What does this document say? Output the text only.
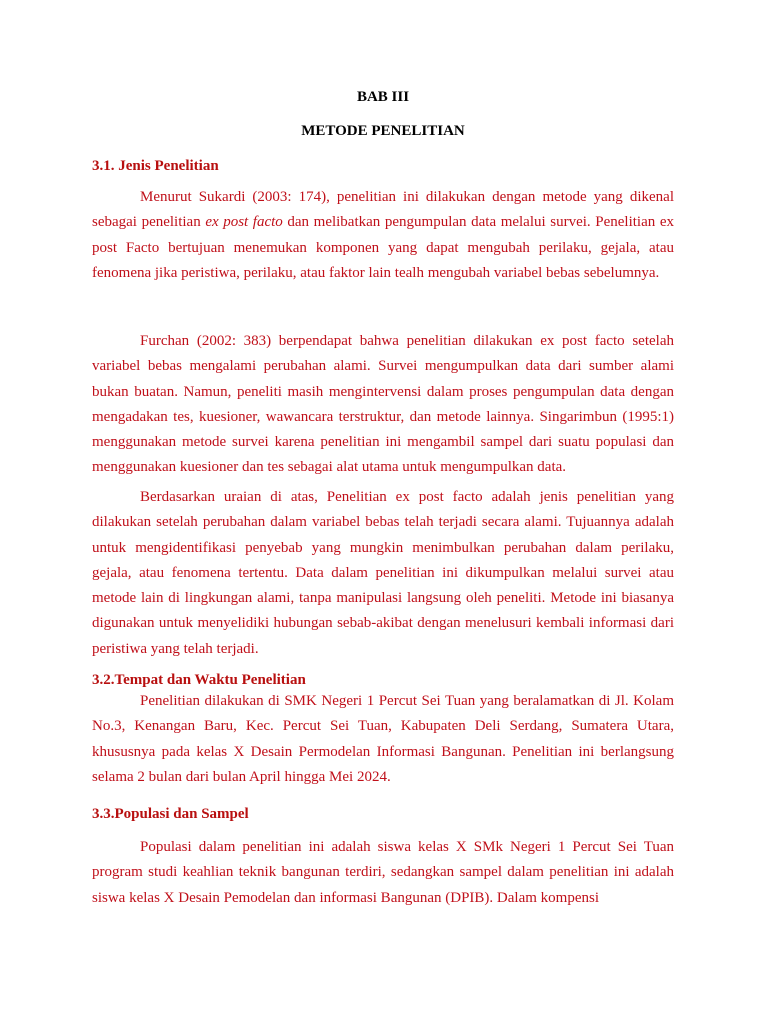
BAB III
METODE PENELITIAN
3.1. Jenis Penelitian

Menurut Sukardi (2003: 174), penelitian ini dilakukan dengan metode yang dikenal sebagai penelitian ex post facto dan melibatkan pengumpulan data melalui survei. Penelitian ex post Facto bertujuan menemukan komponen yang dapat mengubah perilaku, gejala, atau fenomena jika peristiwa, perilaku, atau faktor lain tealh mengubah variabel bebas sebelumnya.

Furchan (2002: 383) berpendapat bahwa penelitian dilakukan ex post facto setelah variabel bebas mengalami perubahan alami. Survei mengumpulkan data dari sumber alami bukan buatan. Namun, peneliti masih mengintervensi dalam proses pengumpulan data dengan mengadakan tes, kuesioner, wawancara terstruktur, dan metode lainnya. Singarimbun (1995:1) menggunakan metode survei karena penelitian ini mengambil sampel dari suatu populasi dan menggunakan kuesioner dan tes sebagai alat utama untuk mengumpulkan data.

Berdasarkan uraian di atas, Penelitian ex post facto adalah jenis penelitian yang dilakukan setelah perubahan dalam variabel bebas telah terjadi secara alami. Tujuannya adalah untuk mengidentifikasi penyebab yang mungkin menimbulkan perubahan dalam perilaku, gejala, atau fenomena tertentu. Data dalam penelitian ini dikumpulkan melalui survei atau metode lain di lingkungan alami, tanpa manipulasi langsung oleh peneliti. Metode ini biasanya digunakan untuk menyelidiki hubungan sebab-akibat dengan menelusuri kembali informasi dari peristiwa yang telah terjadi.

3.2.Tempat dan Waktu Penelitian

Penelitian dilakukan di SMK Negeri 1 Percut Sei Tuan yang beralamatkan di Jl. Kolam No.3, Kenangan Baru, Kec. Percut Sei Tuan, Kabupaten Deli Serdang, Sumatera Utara, khususnya pada kelas X Desain Permodelan Informasi Bangunan. Penelitian ini berlangsung selama 2 bulan dari bulan April hingga Mei 2024.

3.3.Populasi dan Sampel

Populasi dalam penelitian ini adalah siswa kelas X SMk Negeri 1 Percut Sei Tuan program studi keahlian teknik bangunan terdiri, sedangkan sampel dalam penelitian ini adalah siswa kelas X Desain Pemodelan dan informasi Bangunan (DPIB). Dalam kompensi
